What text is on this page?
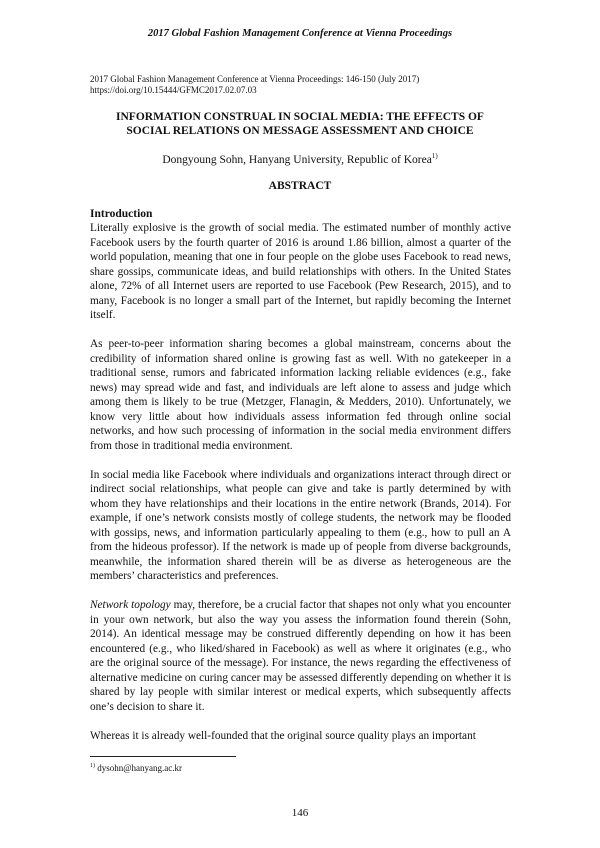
2017 Global Fashion Management Conference at Vienna Proceedings
2017 Global Fashion Management Conference at Vienna Proceedings: 146-150 (July 2017)
https://doi.org/10.15444/GFMC2017.02.07.03
INFORMATION CONSTRUAL IN SOCIAL MEDIA: THE EFFECTS OF
SOCIAL RELATIONS ON MESSAGE ASSESSMENT AND CHOICE
Dongyoung Sohn, Hanyang University, Republic of Korea$^{1)}$
ABSTRACT
Introduction

Literally explosive is the growth of social media. The estimated number of monthly active Facebook users by the fourth quarter of 2016 is around 1.86 billion, almost a quarter of the world population, meaning that one in four people on the globe uses Facebook to read news, share gossips, communicate ideas, and build relationships with others. In the United States alone, 72% of all Internet users are reported to use Facebook (Pew Research, 2015), and to many, Facebook is no longer a small part of the Internet, but rapidly becoming the Internet itself.

As peer-to-peer information sharing becomes a global mainstream, concerns about the credibility of information shared online is growing fast as well. With no gatekeeper in a traditional sense, rumors and fabricated information lacking reliable evidences (e.g., fake news) may spread wide and fast, and individuals are left alone to assess and judge which among them is likely to be true (Metzger, Flanagin, & Medders, 2010). Unfortunately, we know very little about how individuals assess information fed through online social networks, and how such processing of information in the social media environment differs from those in traditional media environment.

In social media like Facebook where individuals and organizations interact through direct or indirect social relationships, what people can give and take is partly determined by with whom they have relationships and their locations in the entire network (Brands, 2014). For example, if one’s network consists mostly of college students, the network may be flooded with gossips, news, and information particularly appealing to them (e.g., how to pull an A from the hideous professor). If the network is made up of people from diverse backgrounds, meanwhile, the information shared therein will be as diverse as heterogeneous are the members’ characteristics and preferences.

Network topology may, therefore, be a crucial factor that shapes not only what you encounter in your own network, but also the way you assess the information found therein (Sohn, 2014). An identical message may be construed differently depending on how it has been encountered (e.g., who liked/shared in Facebook) as well as where it originates (e.g., who are the original source of the message). For instance, the news regarding the effectiveness of alternative medicine on curing cancer may be assessed differently depending on whether it is shared by lay people with similar interest or medical experts, which subsequently affects one’s decision to share it.

Whereas it is already well-founded that the original source quality plays an important

$^{1)}$ dysohn@hanyang.ac.kr
146
